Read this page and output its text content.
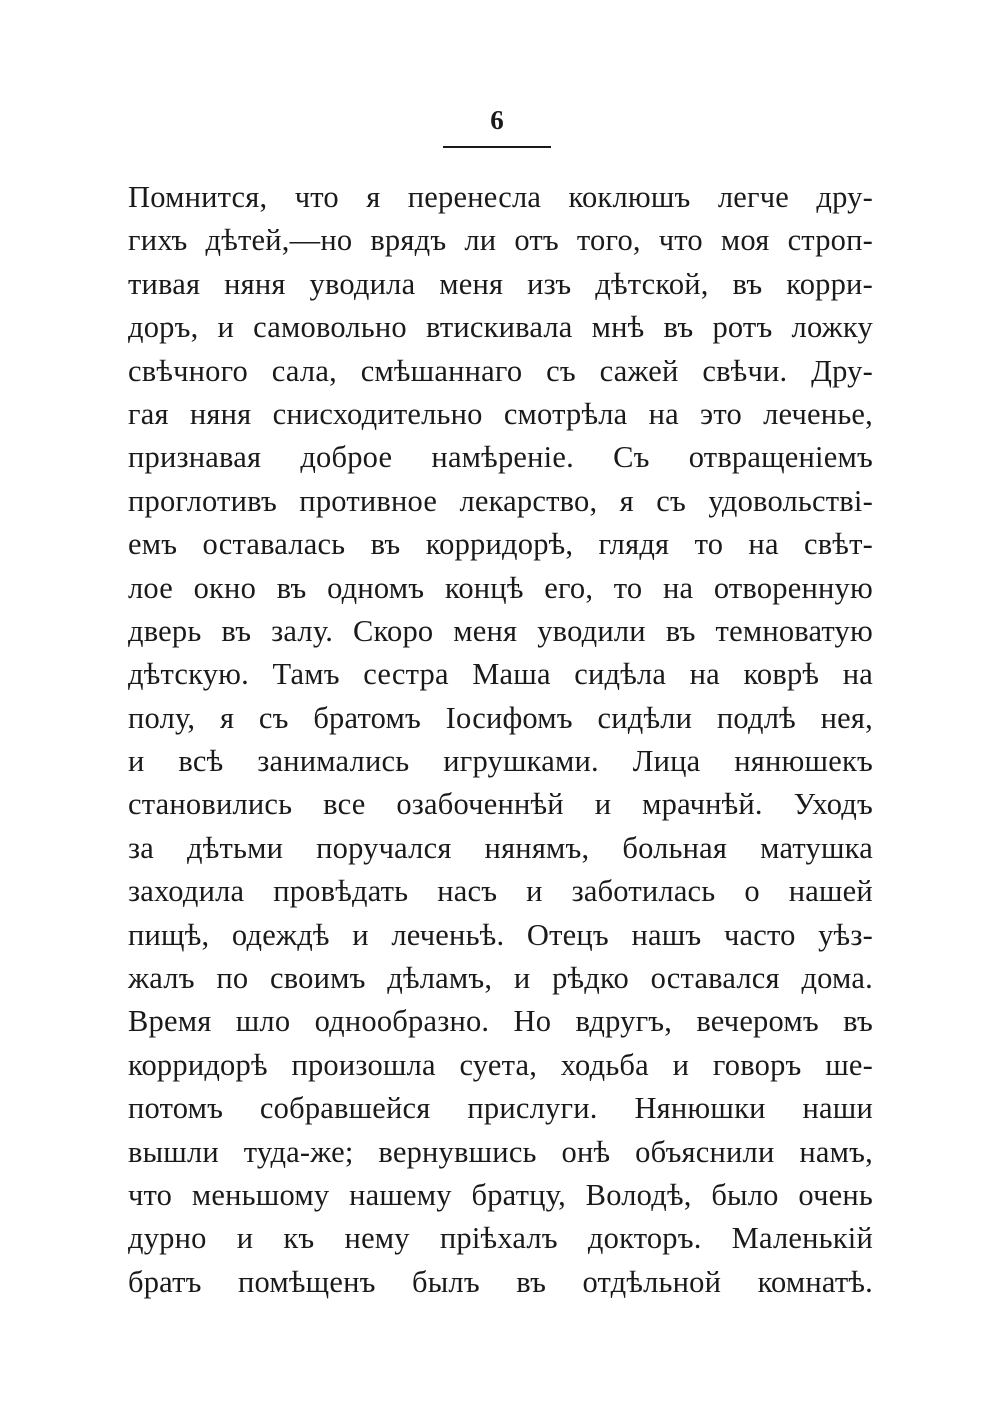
6
Помнится, что я перенесла коклюшъ легче дру-
гихъ дѣтей,—но врядъ ли отъ того, что моя строп-
тивая няня уводила меня изъ дѣтской, въ корри-
доръ, и самовольно втискивала мнѣ въ ротъ ложку
свѣчного сала, смѣшаннаго съ сажей свѣчи. Дру-
гая няня снисходительно смотрѣла на это леченье,
признавая доброе намѣреніе. Съ отвращеніемъ
проглотивъ противное лекарство, я съ удовольствi-
емъ оставалась въ корридорѣ, глядя то на свѣт-
лое окно въ одномъ концѣ его, то на отворенную
дверь въ залу. Скоро меня уводили въ темноватую
дѣтскую. Тамъ сестра Маша сидѣла на коврѣ на
полу, я съ братомъ Іосифомъ сидѣли подлѣ нея,
и всѣ занимались игрушками. Лица нянюшекъ
становились все озабоченнѣй и мрачнѣй. Уходъ
за дѣтьми поручался нянямъ, больная матушка
заходила провѣдать насъ и заботилась о нашей
пищѣ, одеждѣ и леченьѣ. Отецъ нашъ часто уѣз-
жалъ по своимъ дѣламъ, и рѣдко оставался дома.
Время шло однообразно. Но вдругъ, вечеромъ въ
корридорѣ произошла суета, ходьба и говоръ ше-
потомъ собравшейся прислуги. Нянюшки наши
вышли туда-же; вернувшись онѣ объяснили намъ,
что меньшому нашему братцу, Володѣ, было очень
дурно и къ нему пріѣхалъ докторъ. Маленькій
братъ помѣщенъ былъ въ отдѣльной комнатѣ.
